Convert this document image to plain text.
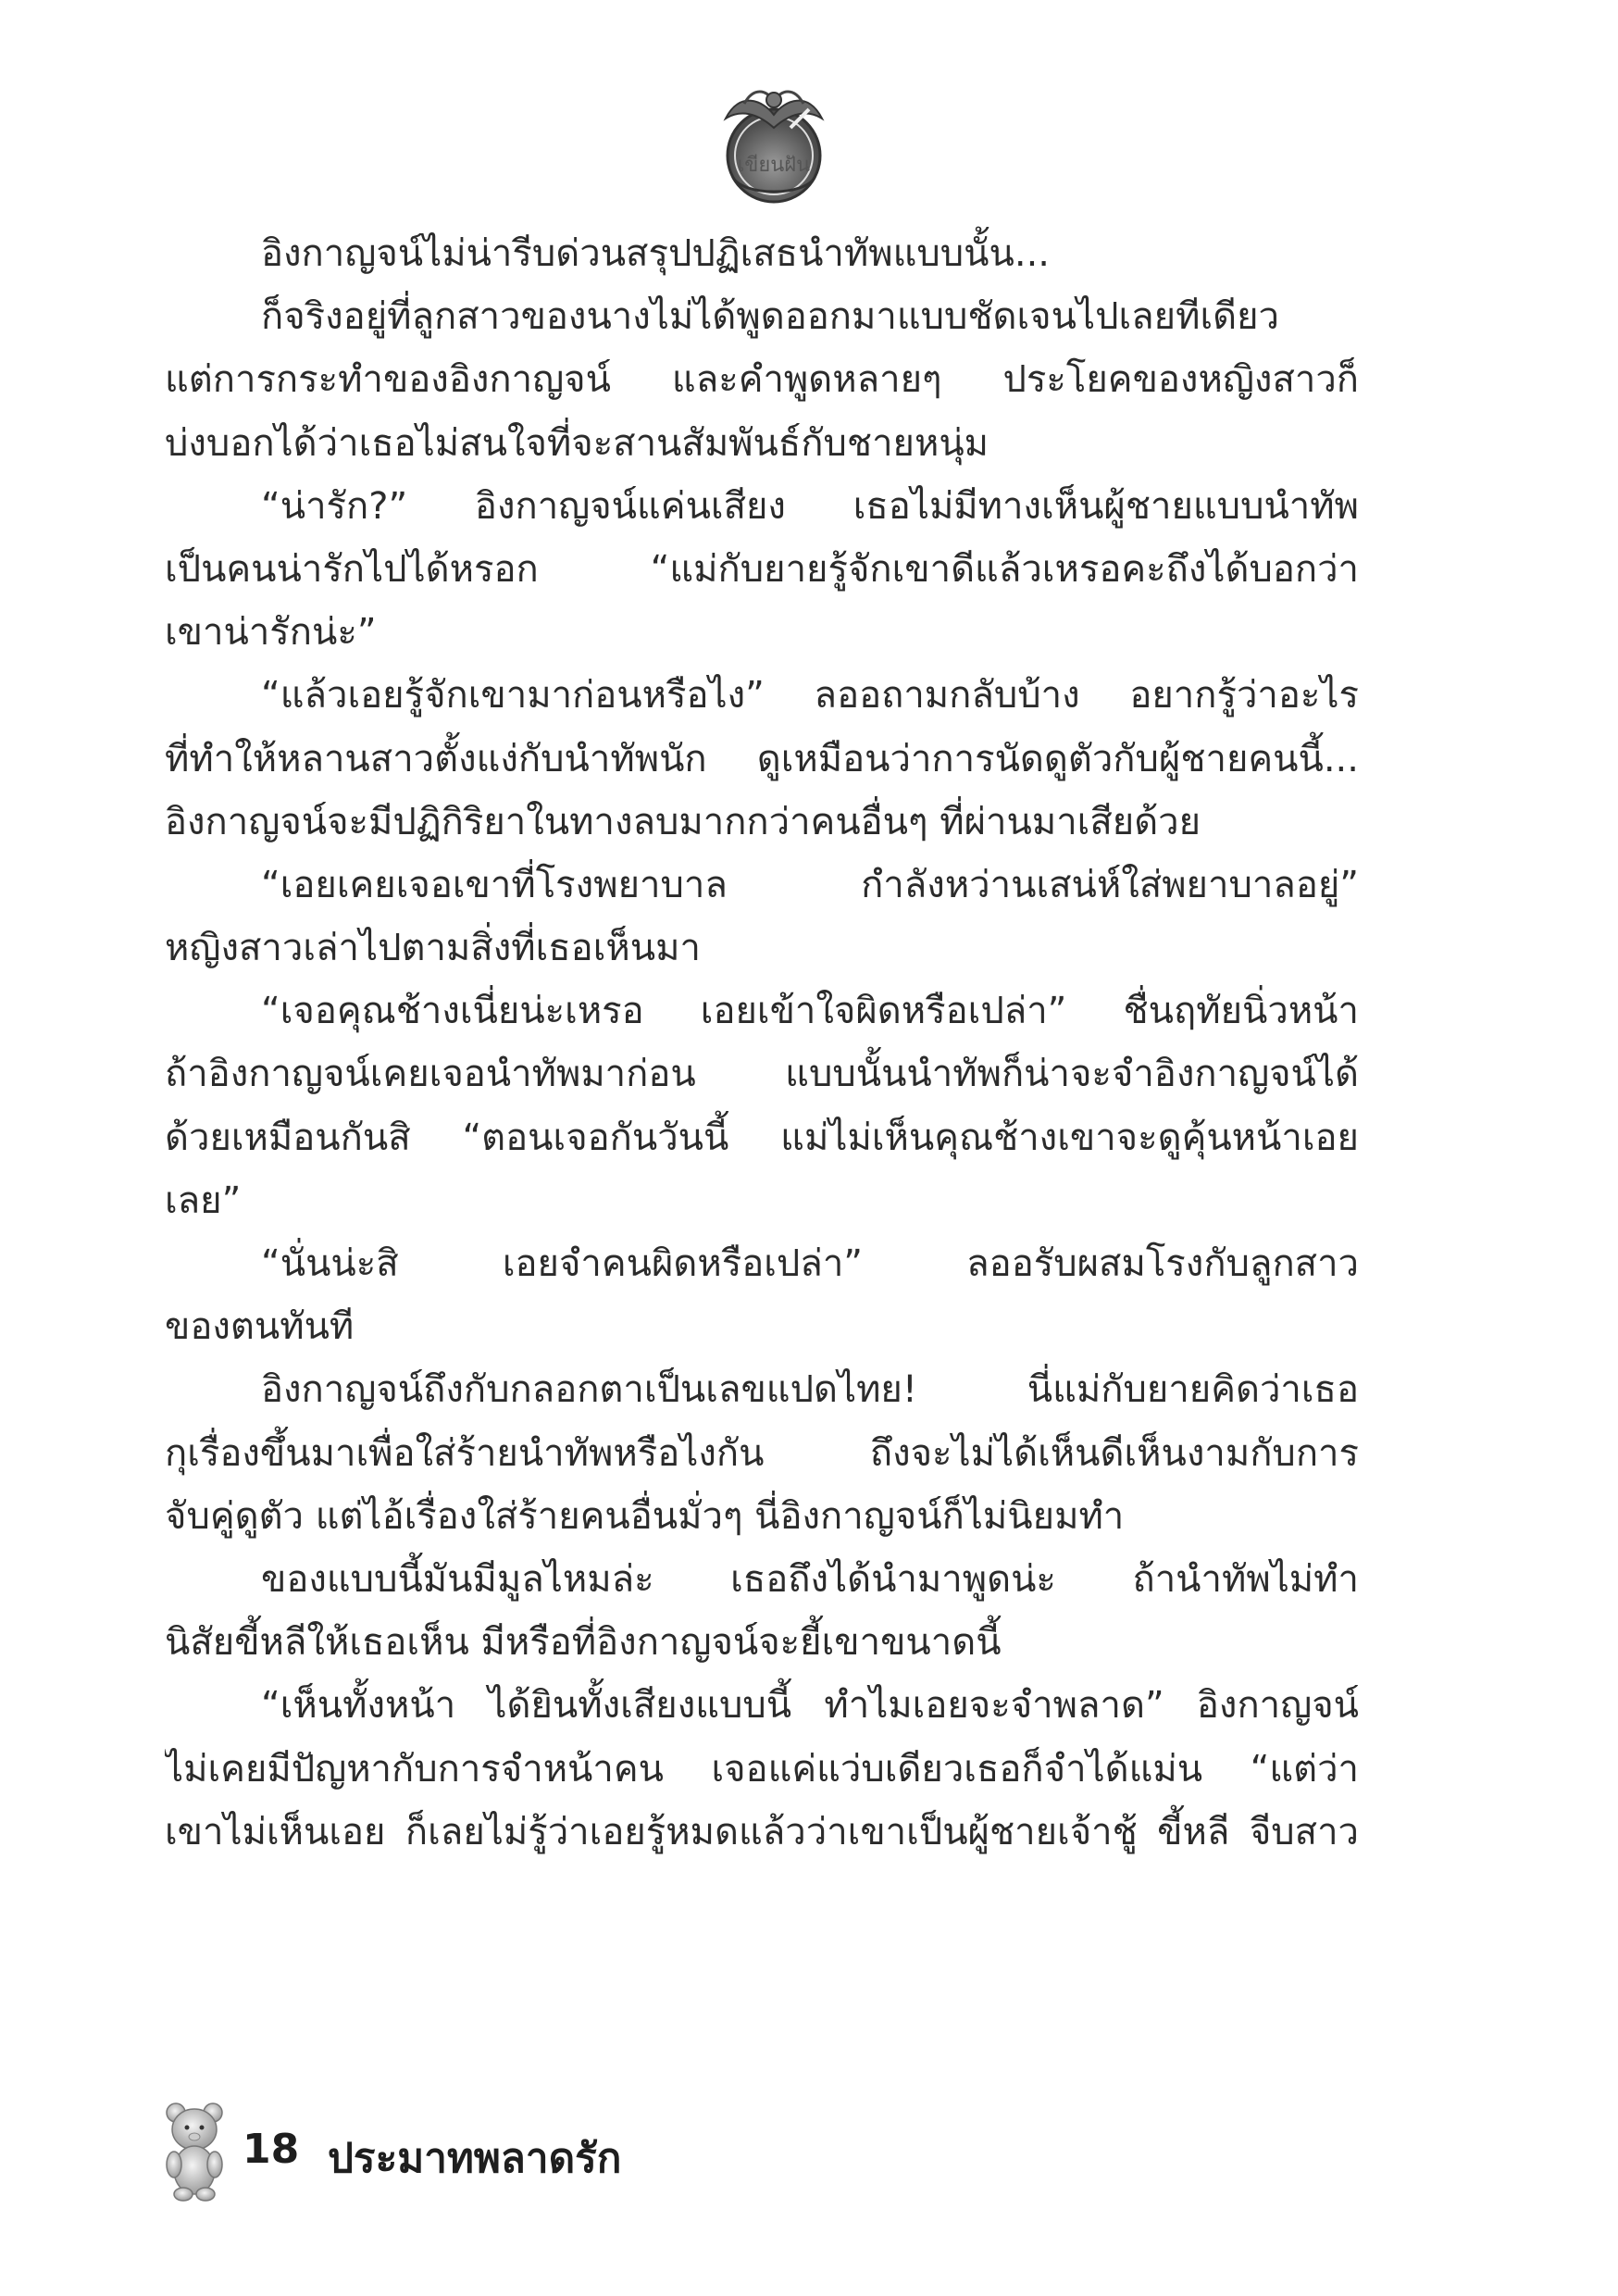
เขียนฝัน
อิงกาญจน์ไม่น่ารีบด่วนสรุปปฏิเสธนำทัพแบบนั้น...
ก็จริงอยู่ที่ลูกสาวของนางไม่ได้พูดออกมาแบบชัดเจนไปเลยทีเดียว
แต่การกระทำของอิงกาญจน์ และคำพูดหลายๆ ประโยคของหญิงสาวก็
บ่งบอกได้ว่าเธอไม่สนใจที่จะสานสัมพันธ์กับชายหนุ่ม
“น่ารัก?” อิงกาญจน์แค่นเสียง เธอไม่มีทางเห็นผู้ชายแบบนำทัพ
เป็นคนน่ารักไปได้หรอก “แม่กับยายรู้จักเขาดีแล้วเหรอคะถึงได้บอกว่า
เขาน่ารักน่ะ”
“แล้วเอยรู้จักเขามาก่อนหรือไง” ลออถามกลับบ้าง อยากรู้ว่าอะไร
ที่ทำให้หลานสาวตั้งแง่กับนำทัพนัก ดูเหมือนว่าการนัดดูตัวกับผู้ชายคนนี้...
อิงกาญจน์จะมีปฏิกิริยาในทางลบมากกว่าคนอื่นๆ ที่ผ่านมาเสียด้วย
“เอยเคยเจอเขาที่โรงพยาบาล กำลังหว่านเสน่ห์ใส่พยาบาลอยู่”
หญิงสาวเล่าไปตามสิ่งที่เธอเห็นมา
“เจอคุณช้างเนี่ยน่ะเหรอ เอยเข้าใจผิดหรือเปล่า” ชื่นฤทัยนิ่วหน้า
ถ้าอิงกาญจน์เคยเจอนำทัพมาก่อน แบบนั้นนำทัพก็น่าจะจำอิงกาญจน์ได้
ด้วยเหมือนกันสิ “ตอนเจอกันวันนี้ แม่ไม่เห็นคุณช้างเขาจะดูคุ้นหน้าเอย
เลย”
“นั่นน่ะสิ เอยจำคนผิดหรือเปล่า” ลออรับผสมโรงกับลูกสาว
ของตนทันที
อิงกาญจน์ถึงกับกลอกตาเป็นเลขแปดไทย! นี่แม่กับยายคิดว่าเธอ
กุเรื่องขึ้นมาเพื่อใส่ร้ายนำทัพหรือไงกัน ถึงจะไม่ได้เห็นดีเห็นงามกับการ
จับคู่ดูตัว แต่ไอ้เรื่องใส่ร้ายคนอื่นมั่วๆ นี่อิงกาญจน์ก็ไม่นิยมทำ
ของแบบนี้มันมีมูลไหมล่ะ เธอถึงได้นำมาพูดน่ะ ถ้านำทัพไม่ทำ
นิสัยขี้หลีให้เธอเห็น มีหรือที่อิงกาญจน์จะยี้เขาขนาดนี้
“เห็นทั้งหน้า ได้ยินทั้งเสียงแบบนี้ ทำไมเอยจะจำพลาด” อิงกาญจน์
ไม่เคยมีปัญหากับการจำหน้าคน เจอแค่แว่บเดียวเธอก็จำได้แม่น “แต่ว่า
เขาไม่เห็นเอย ก็เลยไม่รู้ว่าเอยรู้หมดแล้วว่าเขาเป็นผู้ชายเจ้าชู้ ขี้หลี จีบสาว
18 ประมาทพลาดรัก
